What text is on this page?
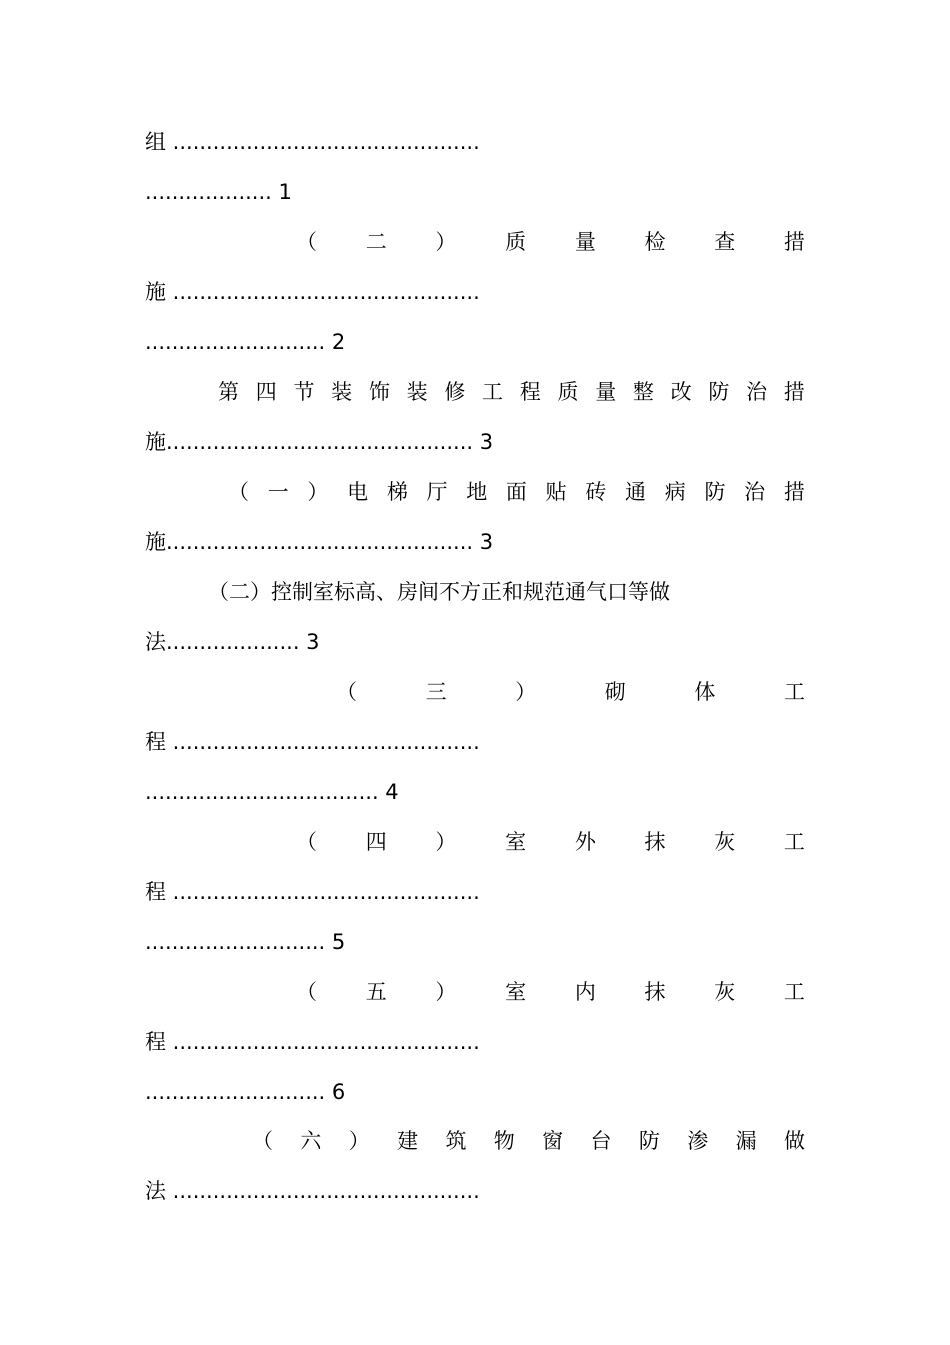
组 ..............................................
................... 1
（ 二 ） 质 量 检 查 措
施 ..............................................
........................... 2
第 四 节 装 饰 装 修 工 程 质 量 整 改 防 治 措
施.............................................. 3
（ 一 ） 电 梯 厅 地 面 贴 砖 通 病 防 治 措
施.............................................. 3
（二）控制室标高、房间不方正和规范通气口等做
法.................... 3
（	三	）	砌	体	工
程 ..............................................
................................... 4
（ 四 ） 室 外 抹 灰 工
程 ..............................................
........................... 5
（ 五 ） 室 内 抹 灰 工
程 ..............................................
........................... 6
（ 六 ） 建 筑 物 窗 台 防 渗 漏 做
法 ..............................................
